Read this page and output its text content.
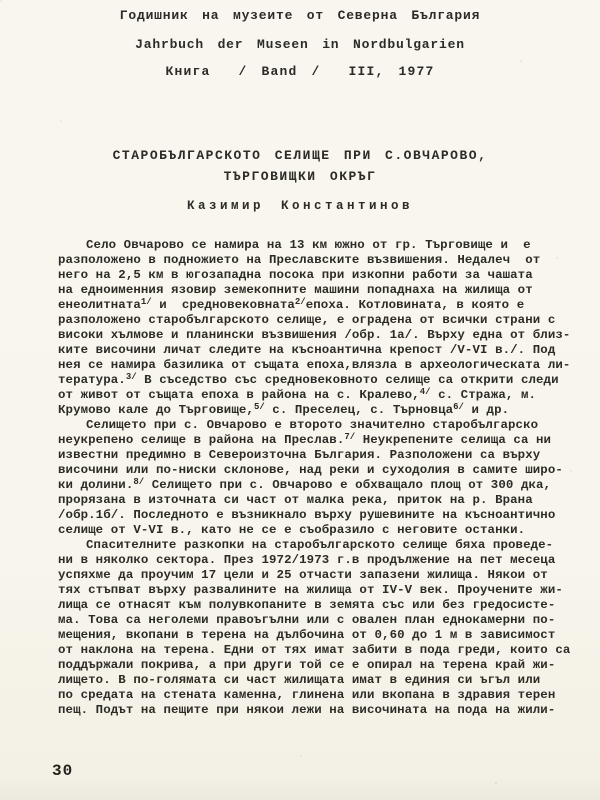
Годишник на музеите от Северна България
Jahrbuch der Museen in Nordbulgarien
Книга  / Band /  III, 1977
СТАРОБЪЛГАРСКОТО СЕЛИЩЕ ПРИ С.ОВЧАРОВО,
ТЪРГОВИЩКИ ОКРЪГ
Казимир Константинов
Село Овчарово се намира на 13 км южно от гр. Търговище и  е
разположено в подножието на Преславските възвишения. Недалеч  от
него на 2,5 км в югозападна посока при изкопни работи за чашата
на едноименния язовир земекопните машини попаднаха на жилища от
енеолитната$^{1/}$ и  средновековната$^{2/}$епоха. Котловината, в която е
разположено старобългарското селище, е оградена от всички страни с
високи хълмове и планински възвишения /обр. 1а/. Върху една от близ-
ките височини личат следите на късноантична крепост /V-VI в./. Под
нея се намира базилика от същата епоха,влязла в археологическата ли-
тература.$^{3/}$ В съседство със средновековното селище са открити следи
от живот от същата епоха в района на с. Кралево,$^{4/}$ с. Стража, м.
Крумово кале до Търговище,$^{5/}$ с. Преселец, с. Търновца$^{6/}$ и др.
Селището при с. Овчарово е второто значително старобългарско
неукрепено селище в района на Преслав.$^{7/}$ Неукрепените селища са ни
известни предимно в Североизточна България. Разположени са върху
височини или по-ниски склонове, над реки и суходолия в самите широ-
ки долини.$^{8/}$ Селището при с. Овчарово е обхващало площ от 300 дка,
прорязана в източната си част от малка река, приток на р. Врана
/обр.1б/. Последното е възникнало върху рушевините на късноантично
селище от V-VI в., като не се е съобразило с неговите останки.
Спасителните разкопки на старобългарското селище бяха проведе-
ни в няколко сектора. През 1972/1973 г.в продължение на пет месеца
успяхме да проучим 17 цели и 25 отчасти запазени жилища. Някои от
тях стъпват върху развалините на жилища от IV-V век. Проучените жи-
лища се отнасят към полувкопаните в земята със или без гредосисте-
ма. Това са неголеми правоъгълни или с овален план еднокамерни по-
мещения, вкопани в терена на дълбочина от 0,60 до 1 м в зависимост
от наклона на терена. Едни от тях имат забити в пода греди, които са
поддържали покрива, а при други той се е опирал на терена край жи-
лището. В по-голямата си част жилищата имат в единия си ъгъл или
по средата на стената каменна, глинена или вкопана в здравия терен
пещ. Подът на пещите при някои лежи на височината на пода на жили-
30
